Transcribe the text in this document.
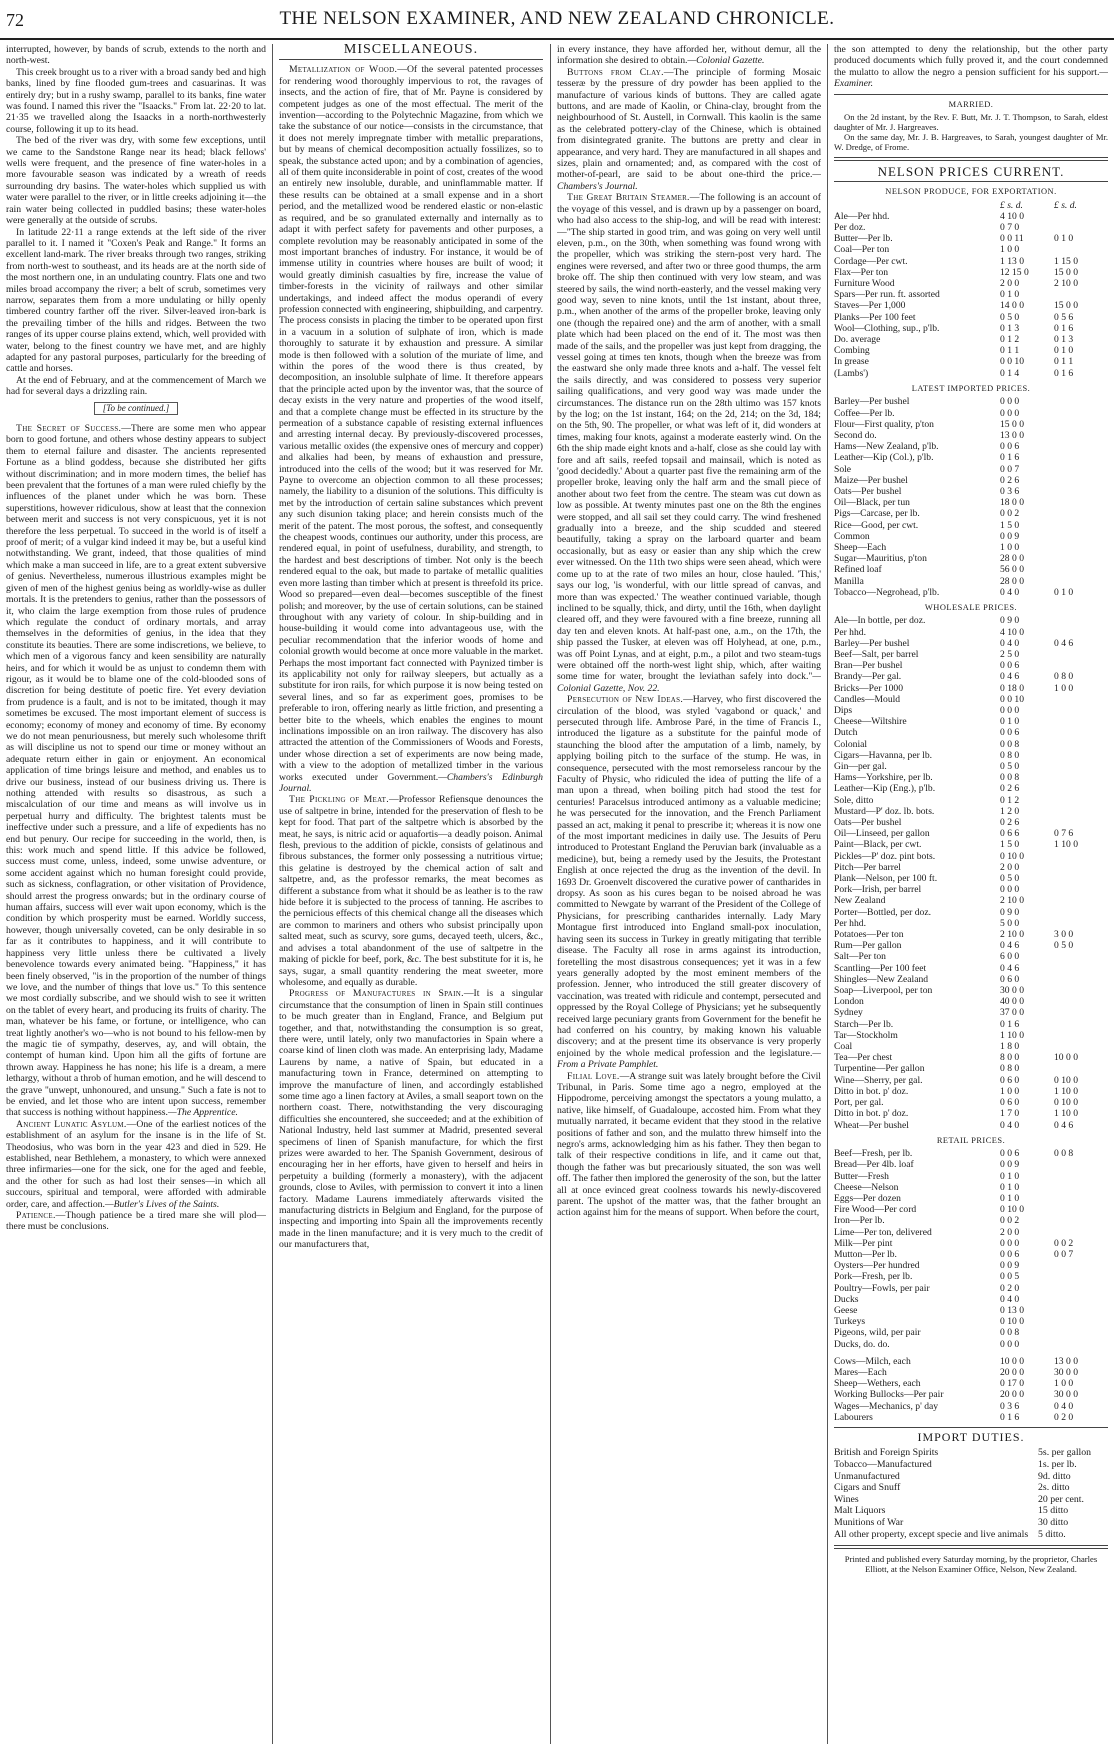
72	THE NELSON EXAMINER, AND NEW ZEALAND CHRONICLE.

interrupted, however, by bands of scrub, extends to the north and north-west.

This creek brought us to a river with a broad sandy bed and high banks, lined by fine flooded gum-trees and casuarinas. It was entirely dry; but in a rushy swamp, parallel to its banks, fine water was found. I named this river the "Isaacks." From lat. 22·20 to lat. 21·35 we travelled along the Isaacks in a north-northwesterly course, following it up to its head.

The bed of the river was dry, with some few exceptions, until we came to the Sandstone Range near its head; black fellows' wells were frequent, and the presence of fine water-holes in a more favourable season was indicated by a wreath of reeds surrounding dry basins. The water-holes which supplied us with water were parallel to the river, or in little creeks adjoining it—the rain water being collected in puddled basins; these water-holes were generally at the outside of scrubs.

In latitude 22·11 a range extends at the left side of the river parallel to it. I named it "Coxen's Peak and Range." It forms an excellent land-mark. The river breaks through two ranges, striking from north-west to southeast, and its heads are at the north side of the most northern one, in an undulating country. Flats one and two miles broad accompany the river; a belt of scrub, sometimes very narrow, separates them from a more undulating or hilly openly timbered country farther off the river. Silver-leaved iron-bark is the prevailing timber of the hills and ridges. Between the two ranges of its upper course plains extend, which, well provided with water, belong to the finest country we have met, and are highly adapted for any pastoral purposes, particularly for the breeding of cattle and horses.

At the end of February, and at the commencement of March we had for several days a drizzling rain.

[To be continued.]

The Secret of Success.—There are some men who appear born to good fortune, and others whose destiny appears to subject them to eternal failure and disaster. The ancients represented Fortune as a blind goddess, because she distributed her gifts without discrimination; and in more modern times, the belief has been prevalent that the fortunes of a man were ruled chiefly by the influences of the planet under which he was born. These superstitions, however ridiculous, show at least that the connexion between merit and success is not very conspicuous, yet it is not therefore the less perpetual. To succeed in the world is of itself a proof of merit; of a vulgar kind indeed it may be, but a useful kind notwithstanding. We grant, indeed, that those qualities of mind which make a man succeed in life, are to a great extent subversive of genius. Nevertheless, numerous illustrious examples might be given of men of the highest genius being as worldly-wise as duller mortals. It is the pretenders to genius, rather than the possessors of it, who claim the large exemption from those rules of prudence which regulate the conduct of ordinary mortals, and array themselves in the deformities of genius, in the idea that they constitute its beauties. There are some indiscretions, we believe, to which men of a vigorous fancy and keen sensibility are naturally heirs, and for which it would be as unjust to condemn them with rigour, as it would be to blame one of the cold-blooded sons of discretion for being destitute of poetic fire. Yet every deviation from prudence is a fault, and is not to be imitated, though it may sometimes be excused. The most important element of success is economy; economy of money and economy of time. By economy we do not mean penuriousness, but merely such wholesome thrift as will discipline us not to spend our time or money without an adequate return either in gain or enjoyment. An economical application of time brings leisure and method, and enables us to drive our business, instead of our business driving us. There is nothing attended with results so disastrous, as such a miscalculation of our time and means as will involve us in perpetual hurry and difficulty. The brightest talents must be ineffective under such a pressure, and a life of expedients has no end but penury. Our recipe for succeeding in the world, then, is this: work much and spend little. If this advice be followed, success must come, unless, indeed, some unwise adventure, or some accident against which no human foresight could provide, such as sickness, conflagration, or other visitation of Providence, should arrest the progress onwards; but in the ordinary course of human affairs, success will ever wait upon economy, which is the condition by which prosperity must be earned. Worldly success, however, though universally coveted, can be only desirable in so far as it contributes to happiness, and it will contribute to happiness very little unless there be cultivated a lively benevolence towards every animated being. "Happiness," it has been finely observed, "is in the proportion of the number of things we love, and the number of things that love us." To this sentence we most cordially subscribe, and we should wish to see it written on the tablet of every heart, and producing its fruits of charity. The man, whatever be his fame, or fortune, or intelligence, who can treat lightly another's wo—who is not bound to his fellow-men by the magic tie of sympathy, deserves, ay, and will obtain, the contempt of human kind. Upon him all the gifts of fortune are thrown away. Happiness he has none; his life is a dream, a mere lethargy, without a throb of human emotion, and he will descend to the grave "unwept, unhonoured, and unsung." Such a fate is not to be envied, and let those who are intent upon success, remember that success is nothing without happiness.—The Apprentice.

Ancient Lunatic Asylum.—One of the earliest notices of the establishment of an asylum for the insane is in the life of St. Theodosius, who was born in the year 423 and died in 529. He established, near Bethlehem, a monastery, to which were annexed three infirmaries—one for the sick, one for the aged and feeble, and the other for such as had lost their senses—in which all succours, spiritual and temporal, were afforded with admirable order, care, and affection.—Butler's Lives of the Saints.

Patience.—Though patience be a tired mare she will plod—there must be conclusions.

MISCELLANEOUS.

Metallization of Wood.—Of the several patented processes for rendering wood thoroughly impervious to rot, the ravages of insects, and the action of fire, that of Mr. Payne is considered by competent judges as one of the most effectual. The merit of the invention—according to the Polytechnic Magazine, from which we take the substance of our notice—consists in the circumstance, that it does not merely impregnate timber with metallic preparations, but by means of chemical decomposition actually fossilizes, so to speak, the substance acted upon; and by a combination of agencies, all of them quite inconsiderable in point of cost, creates of the wood an entirely new insoluble, durable, and uninflammable matter. If these results can be obtained at a small expense and in a short period, and the metallized wood be rendered elastic or non-elastic as required, and be so granulated externally and internally as to adapt it with perfect safety for pavements and other purposes, a complete revolution may be reasonably anticipated in some of the most important branches of industry. For instance, it would be of immense utility in countries where houses are built of wood; it would greatly diminish casualties by fire, increase the value of timber-forests in the vicinity of railways and other similar undertakings, and indeed affect the modus operandi of every profession connected with engineering, shipbuilding, and carpentry. The process consists in placing the timber to be operated upon first in a vacuum in a solution of sulphate of iron, which is made thoroughly to saturate it by exhaustion and pressure. A similar mode is then followed with a solution of the muriate of lime, and within the pores of the wood there is thus created, by decomposition, an insoluble sulphate of lime. It therefore appears that the principle acted upon by the inventor was, that the source of decay exists in the very nature and properties of the wood itself, and that a complete change must be effected in its structure by the permeation of a substance capable of resisting external influences and arresting internal decay. By previously-discovered processes, various metallic oxides (the expensive ones of mercury and copper) and alkalies had been, by means of exhaustion and pressure, introduced into the cells of the wood; but it was reserved for Mr. Payne to overcome an objection common to all these processes; namely, the liability to a disunion of the solutions. This difficulty is met by the introduction of certain saline substances which prevent any such disunion taking place; and herein consists much of the merit of the patent. The most porous, the softest, and consequently the cheapest woods, continues our authority, under this process, are rendered equal, in point of usefulness, durability, and strength, to the hardest and best descriptions of timber. Not only is the beech rendered equal to the oak, but made to partake of metallic qualities even more lasting than timber which at present is threefold its price. Wood so prepared—even deal—becomes susceptible of the finest polish; and moreover, by the use of certain solutions, can be stained throughout with any variety of colour. In ship-building and in house-building it would come into advantageous use, with the peculiar recommendation that the inferior woods of home and colonial growth would become at once more valuable in the market. Perhaps the most important fact connected with Paynized timber is its applicability not only for railway sleepers, but actually as a substitute for iron rails, for which purpose it is now being tested on several lines, and so far as experiment goes, promises to be preferable to iron, offering nearly as little friction, and presenting a better bite to the wheels, which enables the engines to mount inclinations impossible on an iron railway. The discovery has also attracted the attention of the Commissioners of Woods and Forests, under whose direction a set of experiments are now being made, with a view to the adoption of metallized timber in the various works executed under Government.—Chambers's Edinburgh Journal.

The Pickling of Meat.—Professor Refiensque denounces the use of saltpetre in brine, intended for the preservation of flesh to be kept for food. That part of the saltpetre which is absorbed by the meat, he says, is nitric acid or aquafortis—a deadly poison. Animal flesh, previous to the addition of pickle, consists of gelatinous and fibrous substances, the former only possessing a nutritious virtue; this gelatine is destroyed by the chemical action of salt and saltpetre, and, as the professor remarks, the meat becomes as different a substance from what it should be as leather is to the raw hide before it is subjected to the process of tanning. He ascribes to the pernicious effects of this chemical change all the diseases which are common to mariners and others who subsist principally upon salted meat, such as scurvy, sore gums, decayed teeth, ulcers, &c., and advises a total abandonment of the use of saltpetre in the making of pickle for beef, pork, &c. The best substitute for it is, he says, sugar, a small quantity rendering the meat sweeter, more wholesome, and equally as durable.

Progress of Manufactures in Spain.—It is a singular circumstance that the consumption of linen in Spain still continues to be much greater than in England, France, and Belgium put together, and that, notwithstanding the consumption is so great, there were, until lately, only two manufactories in Spain where a coarse kind of linen cloth was made. An enterprising lady, Madame Laurens by name, a native of Spain, but educated in a manufacturing town in France, determined on attempting to improve the manufacture of linen, and accordingly established some time ago a linen factory at Aviles, a small seaport town on the northern coast. There, notwithstanding the very discouraging difficulties she encountered, she succeeded; and at the exhibition of National Industry, held last summer at Madrid, presented several specimens of linen of Spanish manufacture, for which the first prizes were awarded to her. The Spanish Government, desirous of encouraging her in her efforts, have given to herself and heirs in perpetuity a building (formerly a monastery), with the adjacent grounds, close to Aviles, with permission to convert it into a linen factory. Madame Laurens immediately afterwards visited the manufacturing districts in Belgium and England, for the purpose of inspecting and importing into Spain all the improvements recently made in the linen manufacture; and it is very much to the credit of our manufacturers that,

in every instance, they have afforded her, without demur, all the information she desired to obtain.—Colonial Gazette.

Buttons from Clay.—The principle of forming Mosaic tesseræ by the pressure of dry powder has been applied to the manufacture of various kinds of buttons. They are called agate buttons, and are made of Kaolin, or China-clay, brought from the neighbourhood of St. Austell, in Cornwall. This kaolin is the same as the celebrated pottery-clay of the Chinese, which is obtained from disintegrated granite. The buttons are pretty and clear in appearance, and very hard. They are manufactured in all shapes and sizes, plain and ornamented; and, as compared with the cost of mother-of-pearl, are said to be about one-third the price.—Chambers's Journal.

The Great Britain Steamer.—The following is an account of the voyage of this vessel, and is drawn up by a passenger on board, who had also access to the ship-log, and will be read with interest:—"The ship started in good trim, and was going on very well until eleven, p.m., on the 30th, when something was found wrong with the propeller, which was striking the stern-post very hard. The engines were reversed, and after two or three good thumps, the arm broke off. The ship then continued with very low steam, and was steered by sails, the wind north-easterly, and the vessel making very good way, seven to nine knots, until the 1st instant, about three, p.m., when another of the arms of the propeller broke, leaving only one (though the repaired one) and the arm of another, with a small plate which had been placed on the end of it. The most was then made of the sails, and the propeller was just kept from dragging, the vessel going at times ten knots, though when the breeze was from the eastward she only made three knots and a-half. The vessel felt the sails directly, and was considered to possess very superior sailing qualifications, and very good way was made under the circumstances. The distance run on the 28th ultimo was 157 knots by the log; on the 1st instant, 164; on the 2d, 214; on the 3d, 184; on the 5th, 90. The propeller, or what was left of it, did wonders at times, making four knots, against a moderate easterly wind. On the 6th the ship made eight knots and a-half, close as she could lay with fore and aft sails, reefed topsail and mainsail, which is noted as 'good decidedly.' About a quarter past five the remaining arm of the propeller broke, leaving only the half arm and the small piece of another about two feet from the centre. The steam was cut down as low as possible. At twenty minutes past one on the 8th the engines were stopped, and all sail set they could carry. The wind freshened gradually into a breeze, and the ship scudded and steered beautifully, taking a spray on the larboard quarter and beam occasionally, but as easy or easier than any ship which the crew ever witnessed. On the 11th two ships were seen ahead, which were come up to at the rate of two miles an hour, close hauled. 'This,' says our log, 'is wonderful, with our little spread of canvas, and more than was expected.' The weather continued variable, though inclined to be squally, thick, and dirty, until the 16th, when daylight cleared off, and they were favoured with a fine breeze, running all day ten and eleven knots. At half-past one, a.m., on the 17th, the ship passed the Tusker, at eleven was off Holyhead, at one, p.m., was off Point Lynas, and at eight, p.m., a pilot and two steam-tugs were obtained off the north-west light ship, which, after waiting some time for water, brought the leviathan safely into dock."—Colonial Gazette, Nov. 22.

Persecution of New Ideas.—Harvey, who first discovered the circulation of the blood, was styled 'vagabond or quack,' and persecuted through life. Ambrose Paré, in the time of Francis I., introduced the ligature as a substitute for the painful mode of staunching the blood after the amputation of a limb, namely, by applying boiling pitch to the surface of the stump. He was, in consequence, persecuted with the most remorseless rancour by the Faculty of Physic, who ridiculed the idea of putting the life of a man upon a thread, when boiling pitch had stood the test for centuries! Paracelsus introduced antimony as a valuable medicine; he was persecuted for the innovation, and the French Parliament passed an act, making it penal to prescribe it; whereas it is now one of the most important medicines in daily use. The Jesuits of Peru introduced to Protestant England the Peruvian bark (invaluable as a medicine), but, being a remedy used by the Jesuits, the Protestant English at once rejected the drug as the invention of the devil. In 1693 Dr. Groenvelt discovered the curative power of cantharides in dropsy. As soon as his cures began to be noised abroad he was committed to Newgate by warrant of the President of the College of Physicians, for prescribing cantharides internally. Lady Mary Montague first introduced into England small-pox inoculation, having seen its success in Turkey in greatly mitigating that terrible disease. The Faculty all rose in arms against its introduction, foretelling the most disastrous consequences; yet it was in a few years generally adopted by the most eminent members of the profession. Jenner, who introduced the still greater discovery of vaccination, was treated with ridicule and contempt, persecuted and oppressed by the Royal College of Physicians; yet he subsequently received large pecuniary grants from Government for the benefit he had conferred on his country, by making known his valuable discovery; and at the present time its observance is very properly enjoined by the whole medical profession and the legislature.—From a Private Pamphlet.

Filial Love.—A strange suit was lately brought before the Civil Tribunal, in Paris. Some time ago a negro, employed at the Hippodrome, perceiving amongst the spectators a young mulatto, a native, like himself, of Guadaloupe, accosted him. From what they mutually narrated, it became evident that they stood in the relative positions of father and son, and the mulatto threw himself into the negro's arms, acknowledging him as his father. They then began to talk of their respective conditions in life, and it came out that, though the father was but precariously situated, the son was well off. The father then implored the generosity of the son, but the latter all at once evinced great coolness towards his newly-discovered parent. The upshot of the matter was, that the father brought an action against him for the means of support. When before the court,

the son attempted to deny the relationship, but the other party produced documents which fully proved it, and the court condemned the mulatto to allow the negro a pension sufficient for his support.—Examiner.

MARRIED.

On the 2d instant, by the Rev. F. Butt, Mr. J. T. Thompson, to Sarah, eldest daughter of Mr. J. Hargreaves.

On the same day, Mr. J. B. Hargreaves, to Sarah, youngest daughter of Mr. W. Dredge, of Frome.

NELSON PRICES CURRENT.
NELSON PRODUCE, FOR EXPORTATION.
£ s. d.	£ s. d.
Ale—Per hhd.	4 10 0
Per doz.	0 7 0
Butter—Per lb.	0 0 11	0 1 0
Coal—Per ton	1 0 0
Cordage—Per cwt.	1 13 0	1 15 0
Flax—Per ton	12 15 0	15 0 0
Furniture Wood	2 0 0	2 10 0
Spars—Per run. ft. assorted	0 1 0
Staves—Per 1,000	14 0 0	15 0 0
Planks—Per 100 feet	0 5 0	0 5 6
Wool—Clothing, sup., p'lb.	0 1 3	0 1 6
Do. average	0 1 2	0 1 3
Combing	0 1 1	0 1 0
In grease	0 0 10	0 1 1
(Lambs')	0 1 4	0 1 6
LATEST IMPORTED PRICES.
Barley—Per bushel	0 0 0
Coffee—Per lb.	0 0 0
Flour—First quality, p'ton	15 0 0
Second do.	13 0 0
Hams—New Zealand, p'lb.	0 0 6
Leather—Kip (Col.), p'lb.	0 1 6
Sole	0 0 7
Maize—Per bushel	0 2 6
Oats—Per bushel	0 3 6
Oil—Black, per tun	18 0 0
Pigs—Carcase, per lb.	0 0 2
Rice—Good, per cwt.	1 5 0
Common	0 0 9
Sheep—Each	1 0 0
Sugar—Mauritius, p'ton	28 0 0
Refined loaf	56 0 0
Manilla	28 0 0
Tobacco—Negrohead, p'lb.	0 4 0	0 1 0
WHOLESALE PRICES.
Ale—In bottle, per doz.	0 9 0
Per hhd.	4 10 0
Barley—Per bushel	0 4 0	0 4 6
Beef—Salt, per barrel	2 5 0
Bran—Per bushel	0 0 6
Brandy—Per gal.	0 4 6	0 8 0
Bricks—Per 1000	0 18 0	1 0 0
Candles—Mould	0 0 10
Dips	0 0 0
Cheese—Wiltshire	0 1 0
Dutch	0 0 6
Colonial	0 0 8
Cigars—Havanna, per lb.	0 8 0
Gin—per gal.	0 5 0
Hams—Yorkshire, per lb.	0 0 8
Leather—Kip (Eng.), p'lb.	0 2 6
Sole, ditto	0 1 2
Mustard—P' doz. lb. bots.	1 2 0
Oats—Per bushel	0 2 6
Oil—Linseed, per gallon	0 6 6	0 7 6
Paint—Black, per cwt.	1 5 0	1 10 0
Pickles—P' doz. pint bots.	0 10 0
Pitch—Per barrel	2 0 0
Plank—Nelson, per 100 ft.	0 5 0
Pork—Irish, per barrel	0 0 0
New Zealand	2 10 0
Porter—Bottled, per doz.	0 9 0
Per hhd.	5 0 0
Potatoes—Per ton	2 10 0	3 0 0
Rum—Per gallon	0 4 6	0 5 0
Salt—Per ton	6 0 0
Scantling—Per 100 feet	0 4 6
Shingles—New Zealand	0 6 0
Soap—Liverpool, per ton	30 0 0
London	40 0 0
Sydney	37 0 0
Starch—Per lb.	0 1 6
Tar—Stockholm	1 10 0
Coal	1 8 0
Tea—Per chest	8 0 0	10 0 0
Turpentine—Per gallon	0 8 0
Wine—Sherry, per gal.	0 6 0	0 10 0
Ditto in bot. p' doz.	1 0 0	1 10 0
Port, per gal.	0 6 0	0 10 0
Ditto in bot. p' doz.	1 7 0	1 10 0
Wheat—Per bushel	0 4 0	0 4 6
RETAIL PRICES.
Beef—Fresh, per lb.	0 0 6	0 0 8
Bread—Per 4lb. loaf	0 0 9
Butter—Fresh	0 1 0
Cheese—Nelson	0 1 0
Eggs—Per dozen	0 1 0
Fire Wood—Per cord	0 10 0
Iron—Per lb.	0 0 2
Lime—Per ton, delivered	2 0 0
Milk—Per pint	0 0 0	0 0 2
Mutton—Per lb.	0 0 6	0 0 7
Oysters—Per hundred	0 0 9
Pork—Fresh, per lb.	0 0 5
Poultry—Fowls, per pair	0 2 0
Ducks	0 4 0
Geese	0 13 0
Turkeys	0 10 0
Pigeons, wild, per pair	0 0 8
Ducks, do. do.	0 0 0
Cows—Milch, each	10 0 0	13 0 0
Mares—Each	20 0 0	30 0 0
Sheep—Wethers, each	0 17 0	1 0 0
Working Bullocks—Per pair	20 0 0	30 0 0
Wages—Mechanics, p' day	0 3 6	0 4 0
Labourers	0 1 6	0 2 0
IMPORT DUTIES.
British and Foreign Spirits	5s. per gallon
Tobacco—Manufactured	1s. per lb.
Unmanufactured	9d. ditto
Cigars and Snuff	2s. ditto
Wines	20 per cent.
Malt Liquors	15 ditto
Munitions of War	30 ditto
All other property, except specie and live animals	5 ditto.
Printed and published every Saturday morning, by the proprietor, Charles Elliott, at the Nelson Examiner Office, Nelson, New Zealand.
